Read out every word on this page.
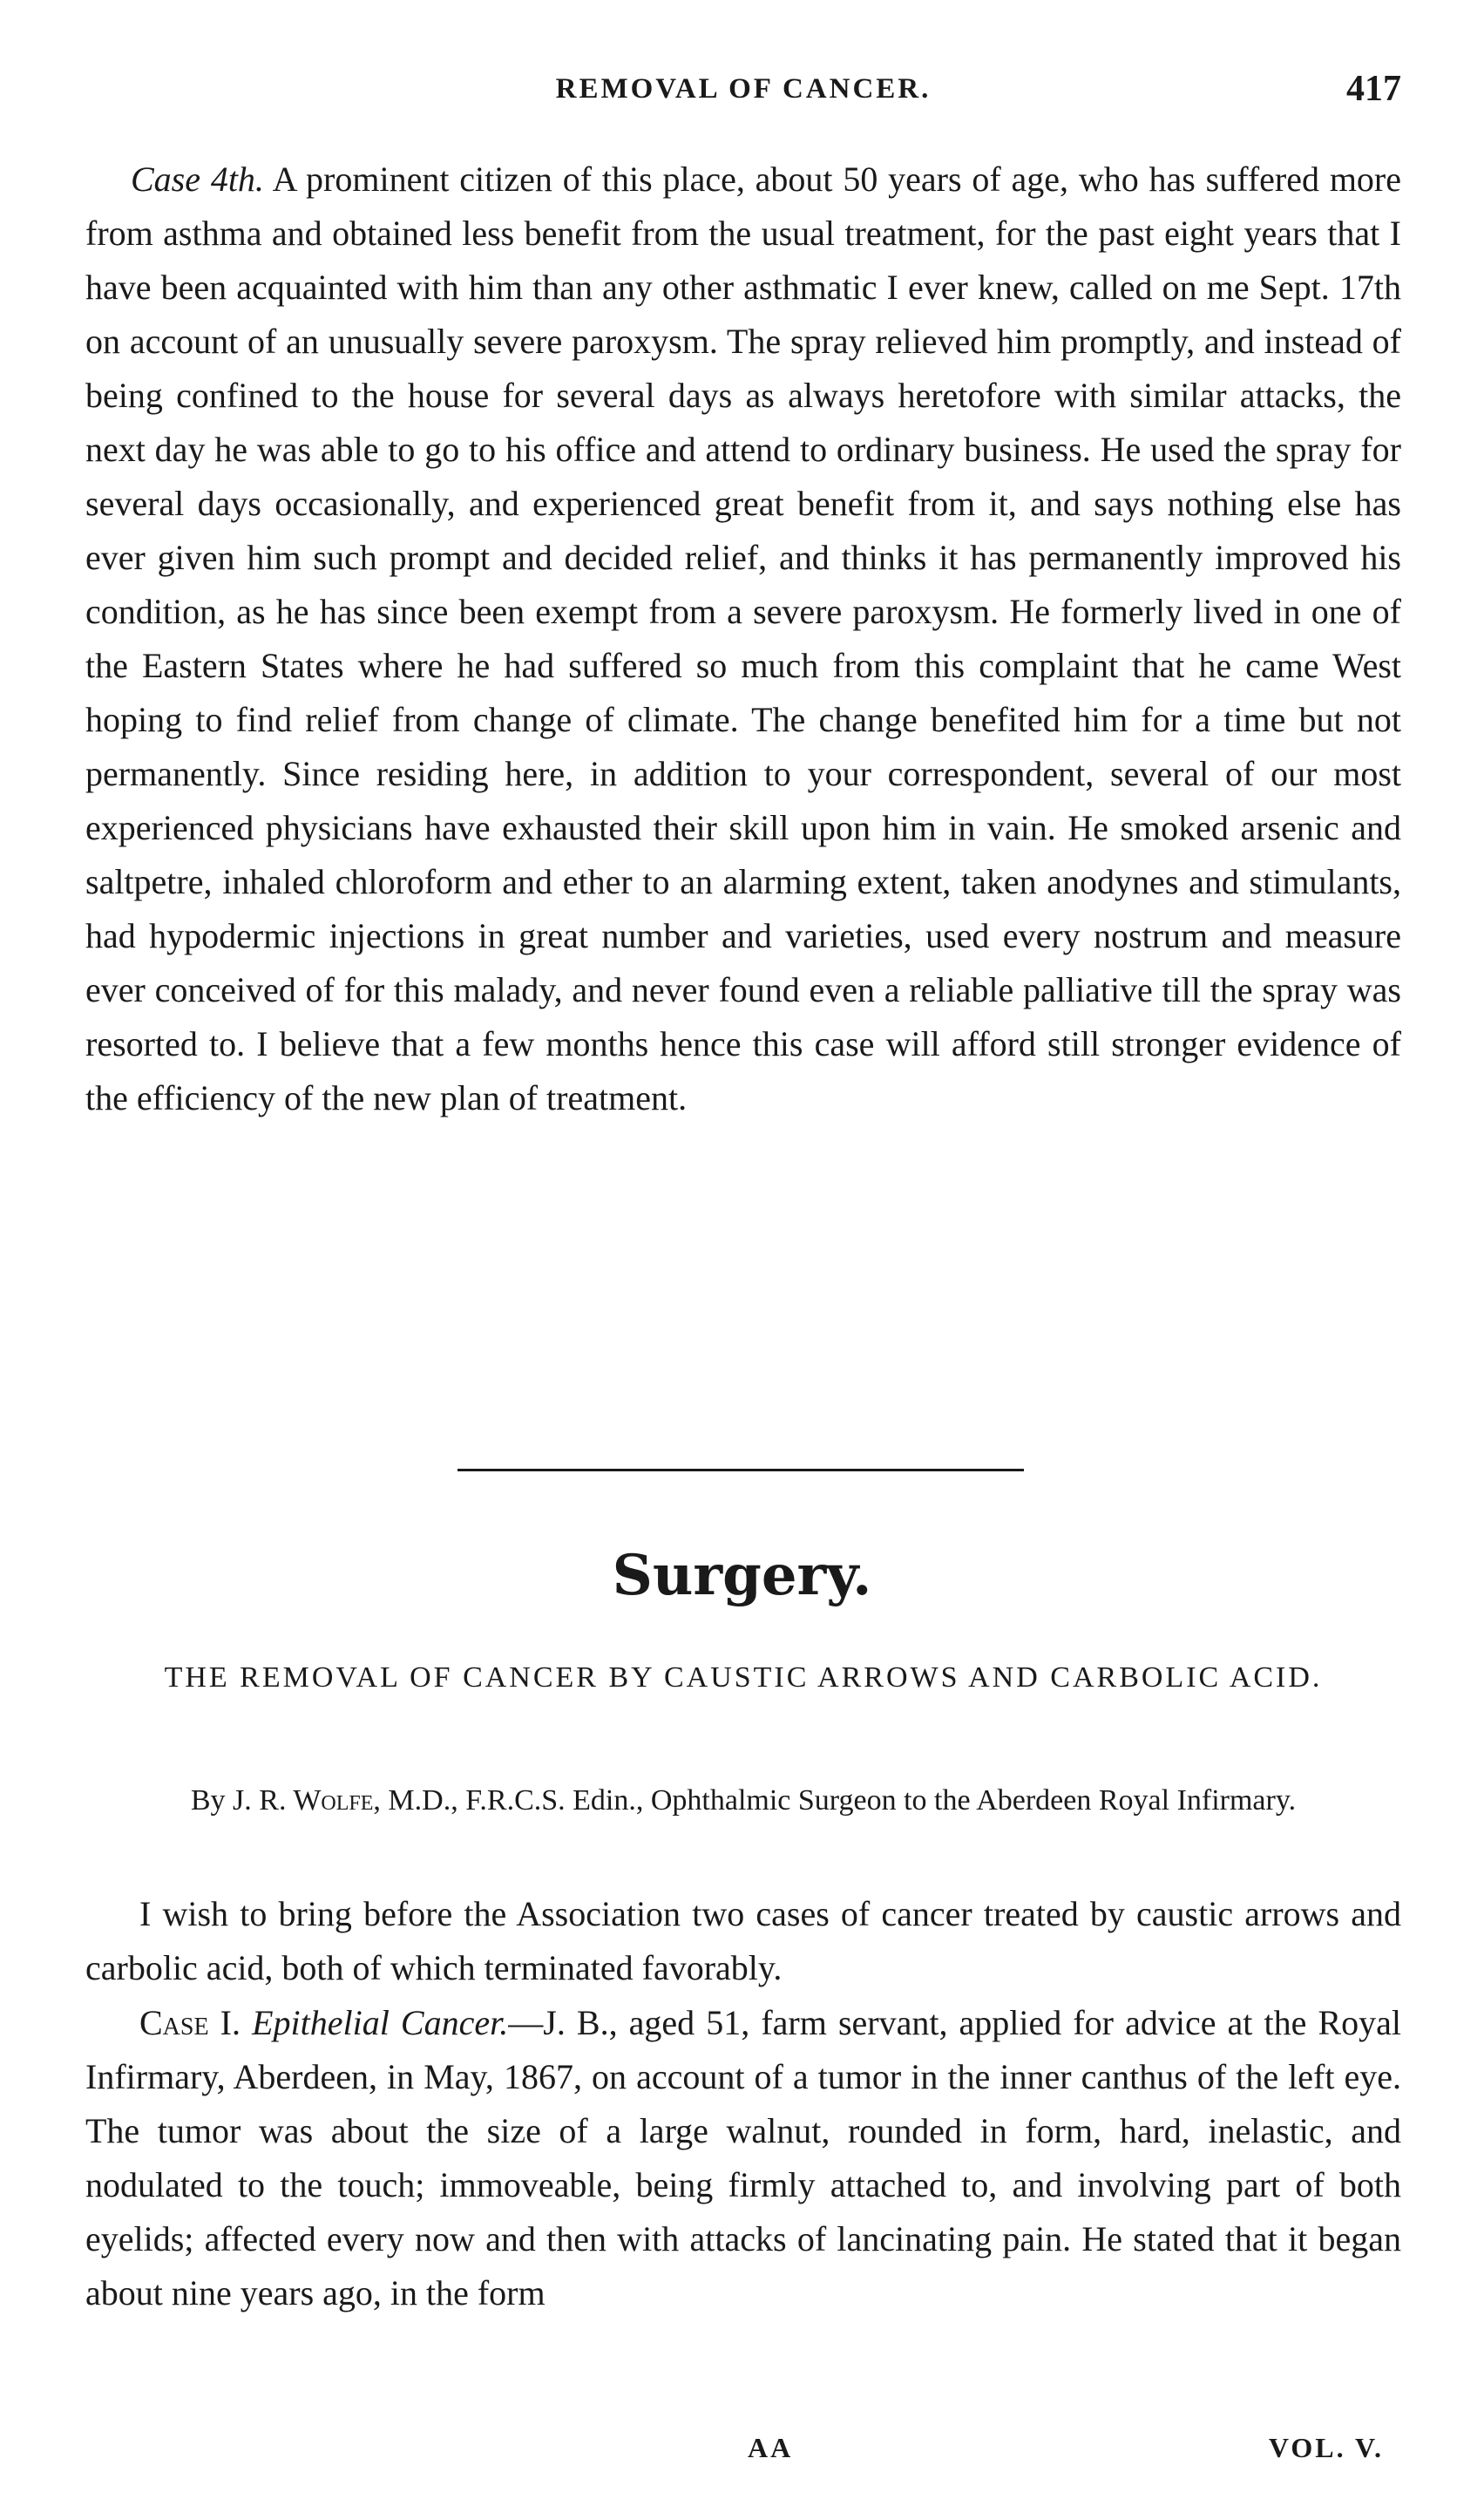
REMOVAL OF CANCER.	417

Case 4th. A prominent citizen of this place, about 50 years of age, who has suffered more from asthma and obtained less benefit from the usual treatment, for the past eight years that I have been acquainted with him than any other asthmatic I ever knew, called on me Sept. 17th on account of an unusually severe paroxysm. The spray relieved him promptly, and instead of being confined to the house for several days as always heretofore with similar attacks, the next day he was able to go to his office and attend to ordinary business. He used the spray for several days occasionally, and experienced great benefit from it, and says nothing else has ever given him such prompt and decided relief, and thinks it has permanently improved his condition, as he has since been exempt from a severe paroxysm. He formerly lived in one of the Eastern States where he had suffered so much from this complaint that he came West hoping to find relief from change of climate. The change benefited him for a time but not permanently. Since residing here, in addition to your correspondent, several of our most experienced physicians have exhausted their skill upon him in vain. He smoked arsenic and saltpetre, inhaled chloroform and ether to an alarming extent, taken anodynes and stimulants, had hypodermic injections in great number and varieties, used every nostrum and measure ever conceived of for this malady, and never found even a reliable palliative till the spray was resorted to. I believe that a few months hence this case will afford still stronger evidence of the efficiency of the new plan of treatment.

Surgery.
THE REMOVAL OF CANCER BY CAUSTIC ARROWS AND CARBOLIC ACID.
By J. R. Wolfe, M.D., F.R.C.S. Edin., Ophthalmic Surgeon to the Aberdeen Royal Infirmary.

I wish to bring before the Association two cases of cancer treated by caustic arrows and carbolic acid, both of which terminated favorably.

Case I. Epithelial Cancer.—J. B., aged 51, farm servant, applied for advice at the Royal Infirmary, Aberdeen, in May, 1867, on account of a tumor in the inner canthus of the left eye. The tumor was about the size of a large walnut, rounded in form, hard, inelastic, and nodulated to the touch; immoveable, being firmly attached to, and involving part of both eyelids; affected every now and then with attacks of lancinating pain. He stated that it began about nine years ago, in the form

AA	VOL. V.
